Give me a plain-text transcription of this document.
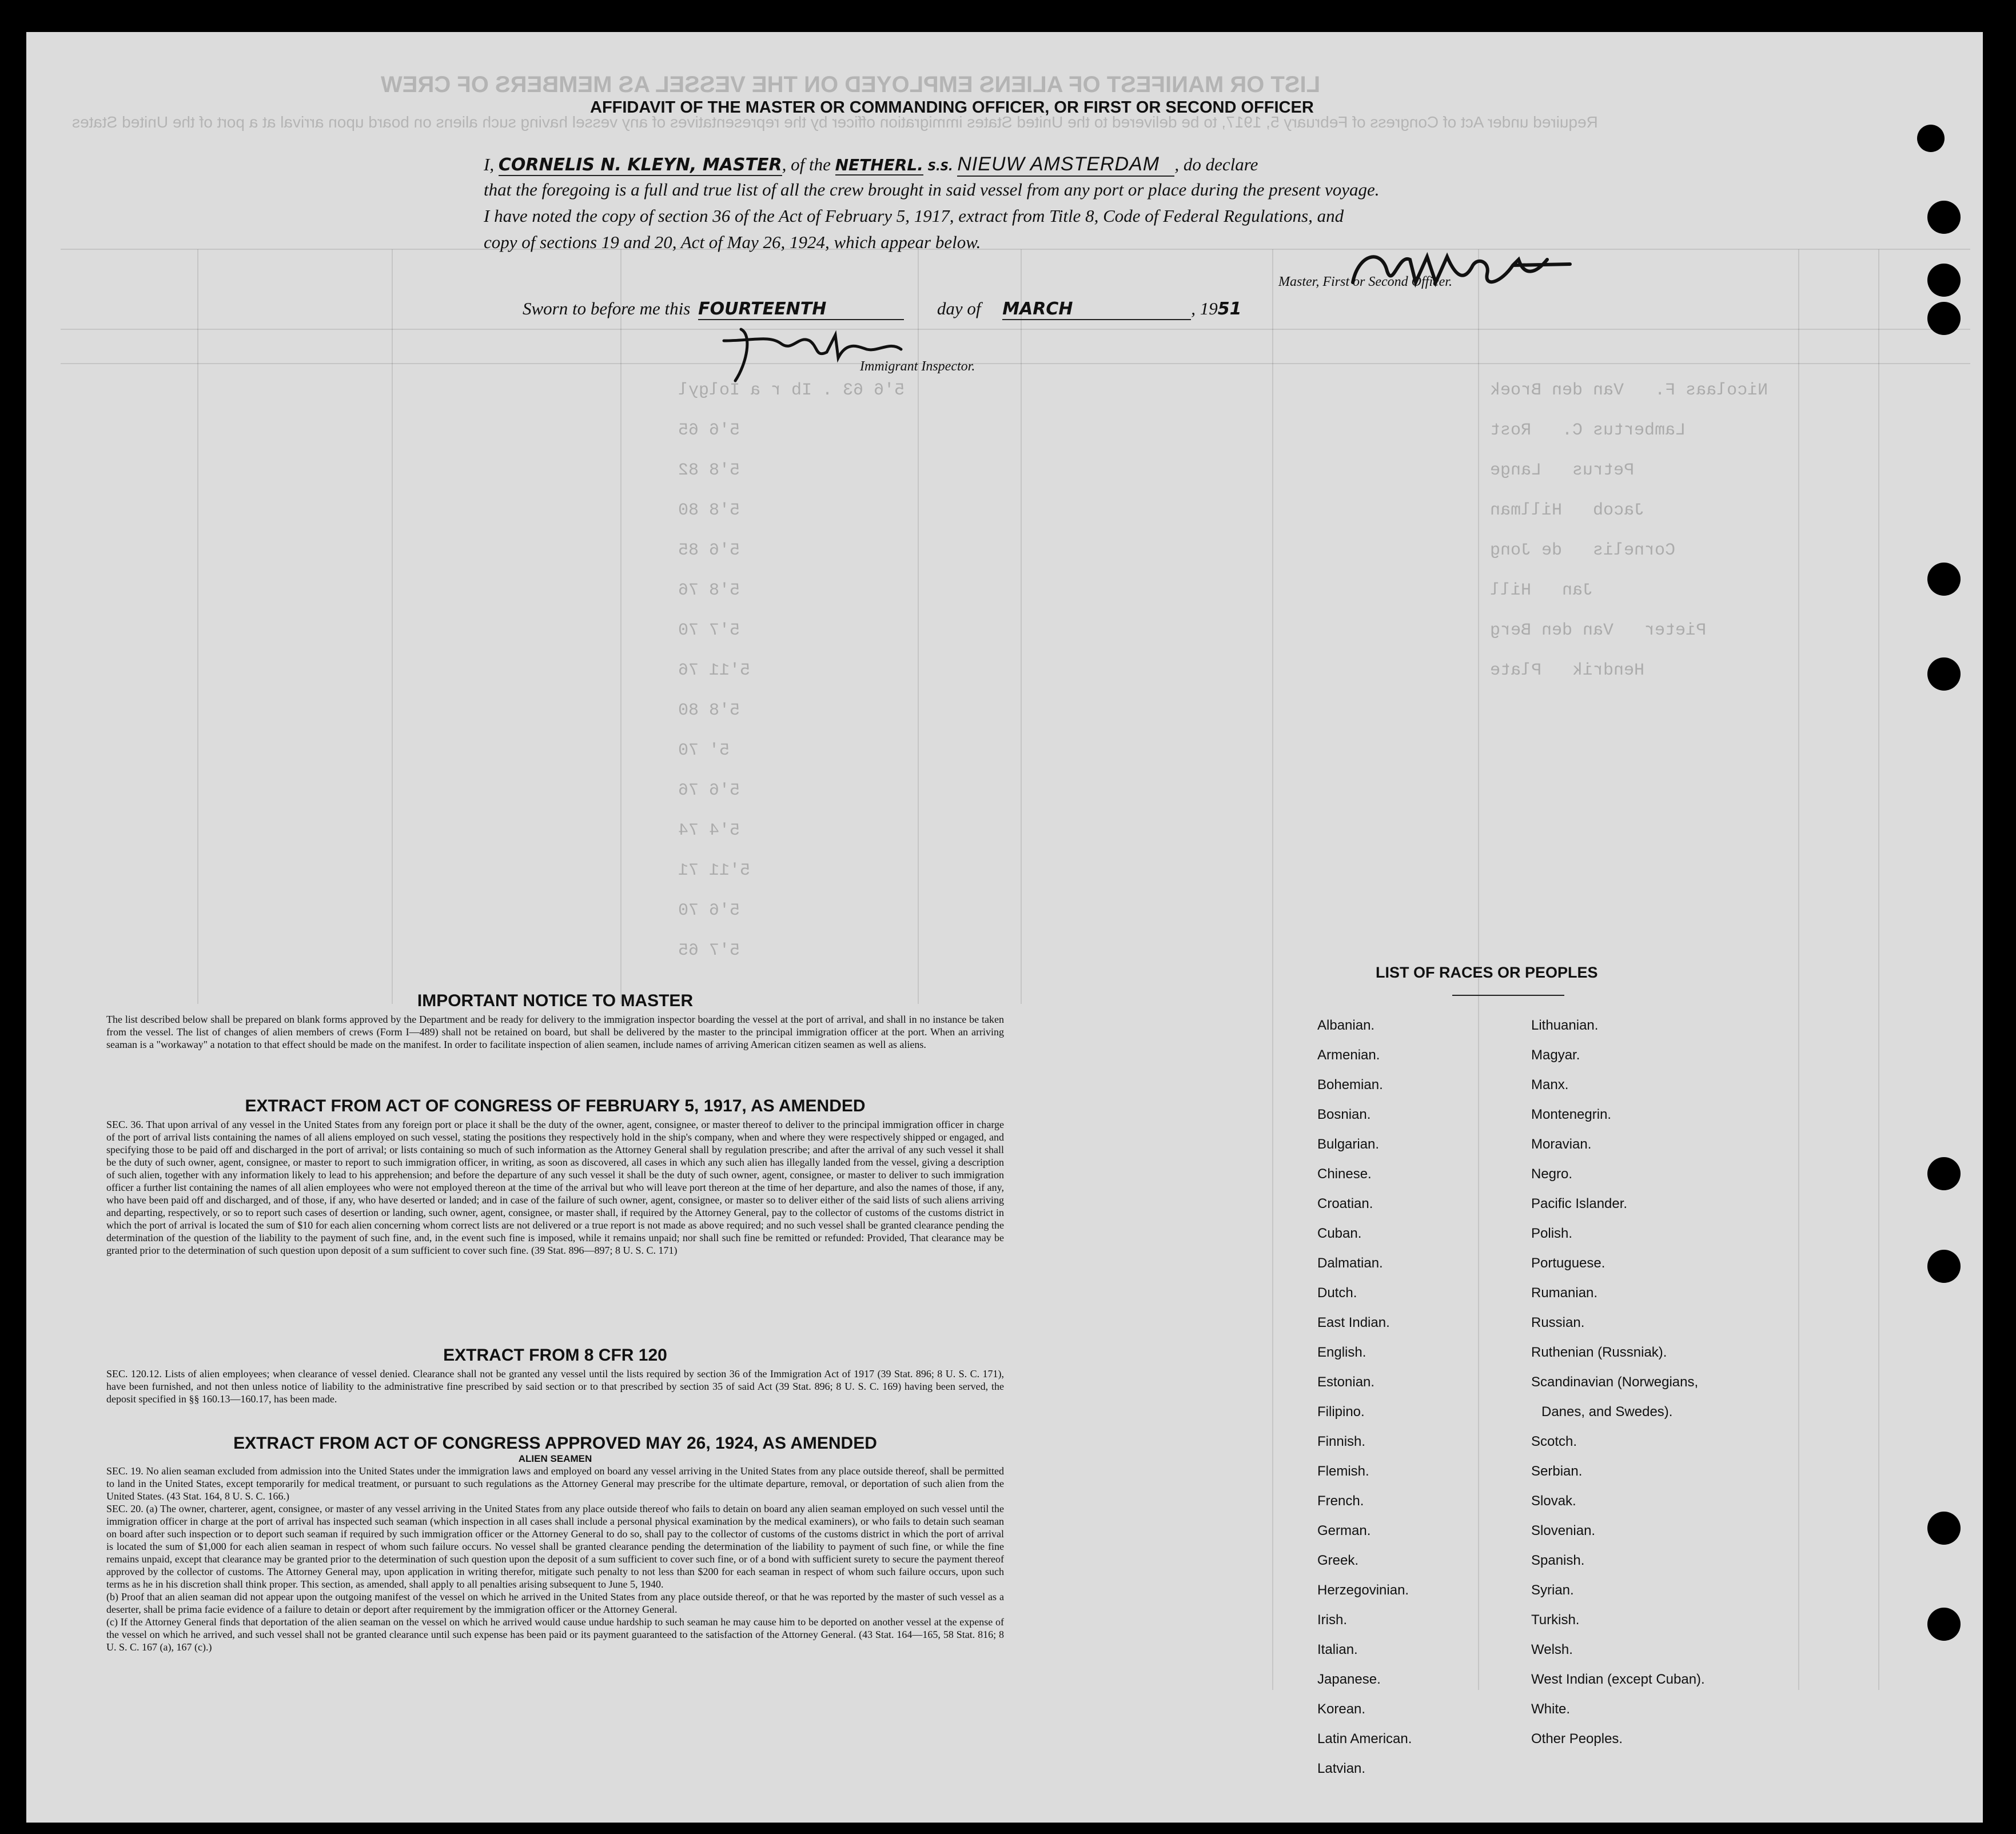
LIST OR MANIFEST OF ALIENS EMPLOYED ON THE VESSEL AS MEMBERS OF CREW
Required under Act of Congress of February 5, 1917, to be delivered to the United States immigration officer by the representatives of any vessel having such aliens on board upon arrival at a port of the United States
5'6 63 . Ib r a Iolgyl
5'6 65
5'8 82
5'8 80
5'6 85
5'8 76
5'7 70
5'11 76
5'8 80
5' 70
5'6 76
5'4 74
5'11 71
5'6 70
5'7 65
Nicolaas F.   Van den Broek
Lambertus C.   Rost
Petrus   Lange
Jacob   Hillman
Cornelis   de Jong
Jan   Hill
Pieter   Van den Berg
Hendrik   Plate
AFFIDAVIT OF THE MASTER OR COMMANDING OFFICER, OR FIRST OR SECOND OFFICER
I, CORNELIS N. KLEYN, MASTER, of the NETHERL. S.S. NIEUW AMSTERDAM , do declare
that the foregoing is a full and true list of all the crew brought in said vessel from any port or place during the present voyage.
I have noted the copy of section 36 of the Act of February 5, 1917, extract from Title 8, Code of Federal Regulations, and
copy of sections 19 and 20, Act of May 26, 1924, which appear below.
Master, First or Second Officer.
Sworn to before me this FOURTEENTH	day of MARCH	, 1951
Immigrant Inspector.
IMPORTANT NOTICE TO MASTER
The list described below shall be prepared on blank forms approved by the Department and be ready for delivery to the immigration inspector boarding the vessel at the port of arrival, and shall in no instance be taken from the vessel. The list of changes of alien members of crews (Form I—489) shall not be retained on board, but shall be delivered by the master to the principal immigration officer at the port. When an arriving seaman is a "workaway" a notation to that effect should be made on the manifest. In order to facilitate inspection of alien seamen, include names of arriving American citizen seamen as well as aliens.
EXTRACT FROM ACT OF CONGRESS OF FEBRUARY 5, 1917, AS AMENDED
SEC. 36. That upon arrival of any vessel in the United States from any foreign port or place it shall be the duty of the owner, agent, consignee, or master thereof to deliver to the principal immigration officer in charge of the port of arrival lists containing the names of all aliens employed on such vessel, stating the positions they respectively hold in the ship's company, when and where they were respectively shipped or engaged, and specifying those to be paid off and discharged in the port of arrival; or lists containing so much of such information as the Attorney General shall by regulation prescribe; and after the arrival of any such vessel it shall be the duty of such owner, agent, consignee, or master to report to such immigration officer, in writing, as soon as discovered, all cases in which any such alien has illegally landed from the vessel, giving a description of such alien, together with any information likely to lead to his apprehension; and before the departure of any such vessel it shall be the duty of such owner, agent, consignee, or master to deliver to such immigration officer a further list containing the names of all alien employees who were not employed thereon at the time of the arrival but who will leave port thereon at the time of her departure, and also the names of those, if any, who have been paid off and discharged, and of those, if any, who have deserted or landed; and in case of the failure of such owner, agent, consignee, or master so to deliver either of the said lists of such aliens arriving and departing, respectively, or so to report such cases of desertion or landing, such owner, agent, consignee, or master shall, if required by the Attorney General, pay to the collector of customs of the customs district in which the port of arrival is located the sum of $10 for each alien concerning whom correct lists are not delivered or a true report is not made as above required; and no such vessel shall be granted clearance pending the determination of the question of the liability to the payment of such fine, and, in the event such fine is imposed, while it remains unpaid; nor shall such fine be remitted or refunded: Provided, That clearance may be granted prior to the determination of such question upon deposit of a sum sufficient to cover such fine. (39 Stat. 896—897; 8 U. S. C. 171)
EXTRACT FROM 8 CFR 120
SEC. 120.12. Lists of alien employees; when clearance of vessel denied. Clearance shall not be granted any vessel until the lists required by section 36 of the Immigration Act of 1917 (39 Stat. 896; 8 U. S. C. 171), have been furnished, and not then unless notice of liability to the administrative fine prescribed by said section or to that prescribed by section 35 of said Act (39 Stat. 896; 8 U. S. C. 169) having been served, the deposit specified in §§ 160.13—160.17, has been made.
EXTRACT FROM ACT OF CONGRESS APPROVED MAY 26, 1924, AS AMENDED
ALIEN SEAMEN
SEC. 19. No alien seaman excluded from admission into the United States under the immigration laws and employed on board any vessel arriving in the United States from any place outside thereof, shall be permitted to land in the United States, except temporarily for medical treatment, or pursuant to such regulations as the Attorney General may prescribe for the ultimate departure, removal, or deportation of such alien from the United States. (43 Stat. 164, 8 U. S. C. 166.)
SEC. 20. (a) The owner, charterer, agent, consignee, or master of any vessel arriving in the United States from any place outside thereof who fails to detain on board any alien seaman employed on such vessel until the immigration officer in charge at the port of arrival has inspected such seaman (which inspection in all cases shall include a personal physical examination by the medical examiners), or who fails to detain such seaman on board after such inspection or to deport such seaman if required by such immigration officer or the Attorney General to do so, shall pay to the collector of customs of the customs district in which the port of arrival is located the sum of $1,000 for each alien seaman in respect of whom such failure occurs. No vessel shall be granted clearance pending the determination of the liability to payment of such fine, or while the fine remains unpaid, except that clearance may be granted prior to the determination of such question upon the deposit of a sum sufficient to cover such fine, or of a bond with sufficient surety to secure the payment thereof approved by the collector of customs. The Attorney General may, upon application in writing therefor, mitigate such penalty to not less than $200 for each seaman in respect of whom such failure occurs, upon such terms as he in his discretion shall think proper. This section, as amended, shall apply to all penalties arising subsequent to June 5, 1940.
(b) Proof that an alien seaman did not appear upon the outgoing manifest of the vessel on which he arrived in the United States from any place outside thereof, or that he was reported by the master of such vessel as a deserter, shall be prima facie evidence of a failure to detain or deport after requirement by the immigration officer or the Attorney General.
(c) If the Attorney General finds that deportation of the alien seaman on the vessel on which he arrived would cause undue hardship to such seaman he may cause him to be deported on another vessel at the expense of the vessel on which he arrived, and such vessel shall not be granted clearance until such expense has been paid or its payment guaranteed to the satisfaction of the Attorney General. (43 Stat. 164—165, 58 Stat. 816; 8 U. S. C. 167 (a), 167 (c).)
LIST OF RACES OR PEOPLES
Albanian.
Armenian.
Bohemian.
Bosnian.
Bulgarian.
Chinese.
Croatian.
Cuban.
Dalmatian.
Dutch.
East Indian.
English.
Estonian.
Filipino.
Finnish.
Flemish.
French.
German.
Greek.
Herzegovinian.
Irish.
Italian.
Japanese.
Korean.
Latin American.
Latvian.
Lithuanian.
Magyar.
Manx.
Montenegrin.
Moravian.
Negro.
Pacific Islander.
Polish.
Portuguese.
Rumanian.
Russian.
Ruthenian (Russniak).
Scandinavian (Norwegians,
Danes, and Swedes).
Scotch.
Serbian.
Slovak.
Slovenian.
Spanish.
Syrian.
Turkish.
Welsh.
West Indian (except Cuban).
White.
Other Peoples.
